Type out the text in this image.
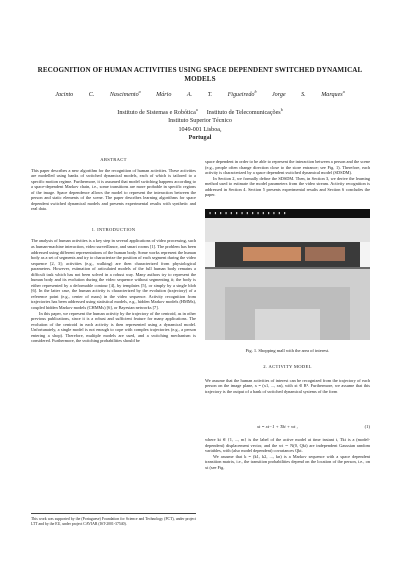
RECOGNITION OF HUMAN ACTIVITIES USING SPACE DEPENDENT SWITCHED DYNAMICAL MODELS
Jacinto C. Nascimento$^a$ Mário A. T. Figueiredo$^b$ Jorge S. Marques$^a$
Instituto de Sistemas e Robótica$^a$      Instituto de Telecomunicações$^b$
Instituto Superior Técnico
1049-001 Lisboa,
Portugal
ABSTRACT

This paper describes a new algorithm for the recognition of human activities. These activities are modelled using banks of switched dynamical models, each of which is tailored to a specific motion regime. Furthermore, it is assumed that model switching happens according to a space-dependent Markov chain, i.e., some transitions are more probable in specific regions of the image. Space dependence allows the model to represent the interaction between the person and static elements of the scene. The paper describes learning algorithms for space dependent switched dynamical models and presents experimental results with synthetic and real data.

1. INTRODUCTION

The analysis of human activities is a key step in several applications of video processing, such as human-machine interaction, video surveillance, and smart rooms [1]. The problem has been addressed using different representations of the human body. Some works represent the human body as a set of segments and try to characterize the position of each segment during the video sequence [2, 3]; activities (e.g., walking) are then characterized from physiological parameters. However, estimation of articulated models of the full human body remains a difficult task which has not been solved in a robust way. Many authors try to represent the human body and its evolution during the video sequence without segmenting it; the body is either represented by a deformable contour [4], by templates [5], or simply by a single blob [6]. In the latter case, the human activity is characterized by the evolution (trajectory) of a reference point (e.g., center of mass) in the video sequence. Activity recognition from trajectories has been addressed using statistical models, e.g., hidden Markov models (HMMs), coupled hidden Markov models (CHMMs) [6], or Bayesian networks [7].

In this paper, we represent the human activity by the trajectory of the centroid, as in other previous publications, since it is a robust and sufficient feature for many applications. The evolution of the centroid in each activity is then represented using a dynamical model. Unfortunately, a single model is not enough to cope with complex trajectories (e.g., a person entering a shop). Therefore, multiple models are used, and a switching mechanism is considered. Furthermore, the switching probabilities should be

This work was supported by the (Portuguese) Foundation for Science and Technology (FCT), under project LTT and by the EU, under project CAVIAR (IST-2001-37540).

space dependent in order to be able to represent the interaction between a person and the scene (e.g., people often change direction close to the store entrance; see Fig. 1). Therefore, each activity is characterized by a space dependent switched dynamical model (SDSDM).

In Section 2, we formally define the SDSDM. Then, in Section 3, we derive the learning method used to estimate the model parameters from the video stream. Activity recognition is addressed in Section 4. Section 5 presents experimental results and Section 6 concludes the paper.

▮ ▮ ▮ ▮ ▮ ▮ ▮ ▮ ▮ ▮ ▮ ▮ ▮ ▮ ▮
Fig. 1. Shopping mall with the area of interest.
2. ACTIVITY MODEL

We assume that the human activities of interest can be recognized from the trajectory of each person on the image plane, x = (x1, ..., xn), with xt ∈ R². Furthermore, we assume that this trajectory is the output of a bank of switched dynamical systems of the form

xt = xt−1 + Tkt + wt ,	(1)

where kt ∈ {1, ..., m} is the label of the active model at time instant t, Tkt is a (model-dependent) displacement vector, and the wt ∼ N(0, Qkt) are independent Gaussian random variables, with (also model dependent) covariances Qkt.

We assume that k = (k1, k2, ..., kn) is a Markov sequence with a space dependent transition matrix, i.e., the transition probabilities depend on the location of the person, i.e., on xt (see Fig.
